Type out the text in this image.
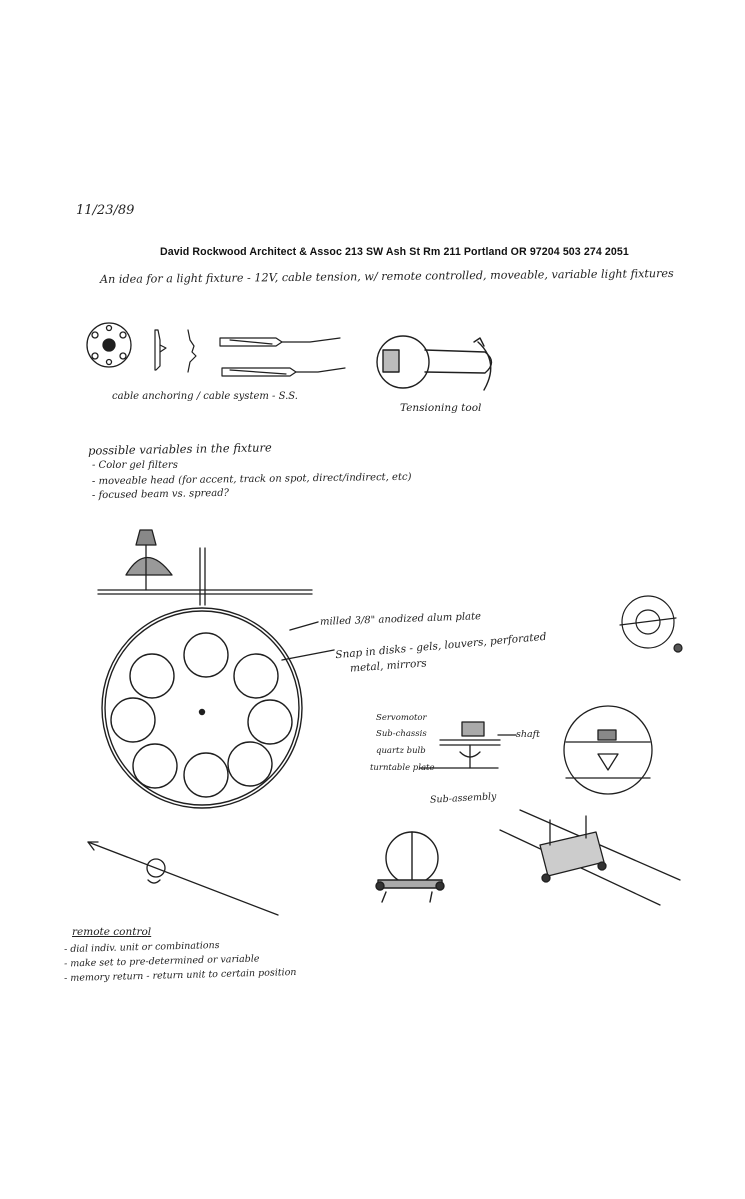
11/23/89
David Rockwood Architect & Assoc 213 SW Ash St Rm 211 Portland OR 97204 503 274 2051
An idea for a light fixture - 12V, cable tension, w/ remote controlled, moveable, variable light fixtures
cable anchoring / cable system - S.S.
Tensioning tool
possible variables in the fixture
- Color gel filters
- moveable head (for accent, track on spot, direct/indirect, etc)
- focused beam vs. spread?
milled 3/8" anodized alum plate
Snap in disks - gels, louvers, perforated
metal, mirrors
Servomotor
Sub-chassis
quartz bulb
turntable plate
shaft
Sub-assembly
remote control
- dial indiv. unit or combinations
- make set to pre-determined or variable
- memory return - return unit to certain position
